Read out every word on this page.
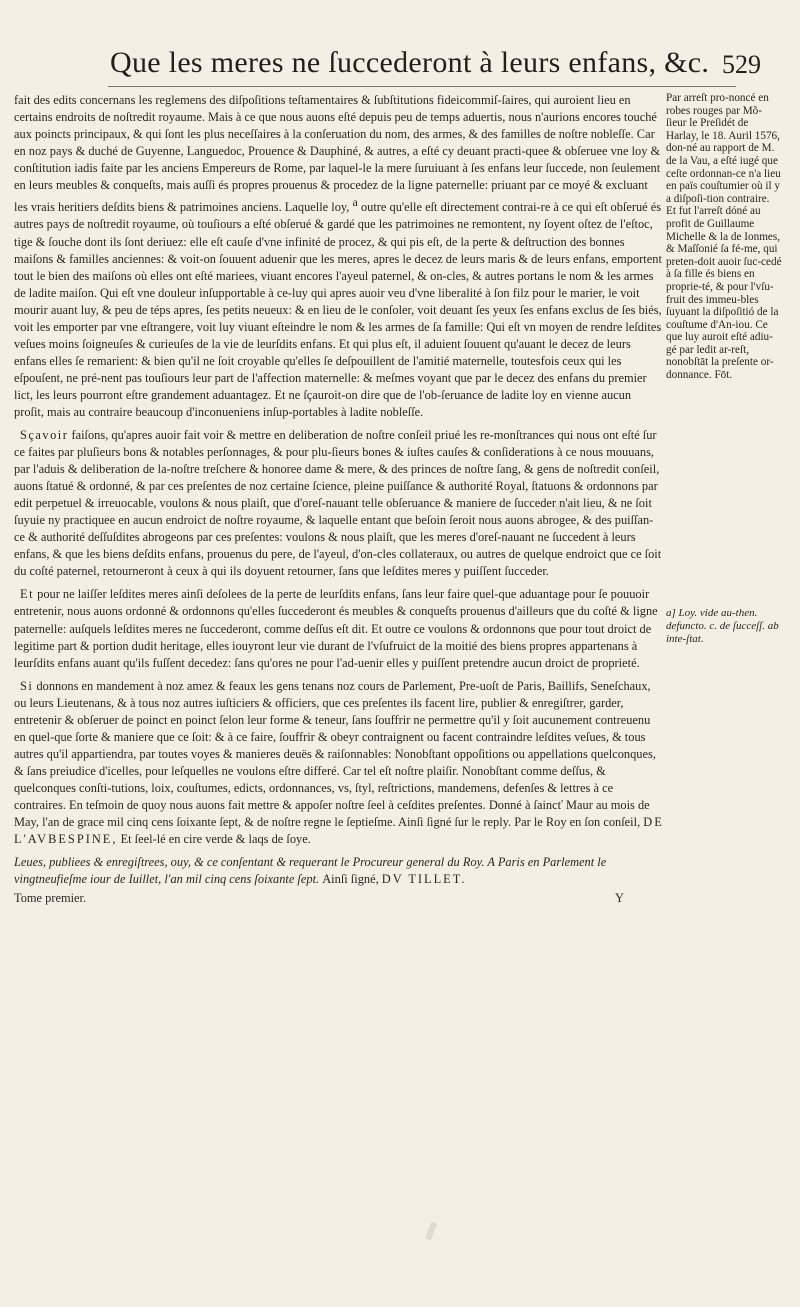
Que les meres ne ſuccederont à leurs enfans, &c. 529

fait des edits concernans les reglemens des diſpoſitions teſtamentaires & ſubſtitutions fideicommiſ-ſaires, qui auroient lieu en certains endroits de noſtredit royaume. Mais à ce que nous auons eſté depuis peu de temps aduertis, nous n'aurions encores touché aux poincts principaux, & qui ſont les plus neceſſaires à la conſeruation du nom, des armes, & des familles de noſtre nobleſſe. Car en noz pays & duché de Guyenne, Languedoc, Prouence & Dauphiné, & autres, a eſté cy deuant practi-quee & obſeruee vne loy & conſtitution iadis faite par les anciens Empereurs de Rome, par laquel-le la mere ſuruiuant à ſes enfans leur ſuccede, non ſeulement en leurs meubles & conqueſts, mais auſſi és propres prouenus & procedez de la ligne paternelle: priuant par ce moyé & excluant les vrais heritiers deſdits biens & patrimoines anciens. Laquelle loy, $^a$ outre qu'elle eſt directement contrai-re à ce qui eſt obſerué és autres pays de noſtredit royaume, où touſiours a eſté obſerué & gardé que les patrimoines ne remontent, ny ſoyent oſtez de l'eſtoc, tige & ſouche dont ils ſont deriuez: elle eſt cauſe d'vne infinité de procez, & qui pis eſt, de la perte & deſtruction des bonnes maiſons & familles anciennes: & voit-on ſouuent aduenir que les meres, apres le decez de leurs maris & de leurs enfans, emportent tout le bien des maiſons où elles ont eſté mariees, viuant encores l'ayeul paternel, & on-cles, & autres portans le nom & les armes de ladite maiſon. Qui eſt vne douleur inſupportable à ce-luy qui apres auoir veu d'vne liberalité à ſon filz pour le marier, le voit mourir auant luy, & peu de téps apres, ſes petits neueux: & en lieu de le conſoler, voit deuant ſes yeux ſes enfans exclus de ſes biés, voit les emporter par vne eſtrangere, voit luy viuant eſteindre le nom & les armes de ſa famille: Qui eſt vn moyen de rendre leſdites veſues moins ſoigneuſes & curieuſes de la vie de leurſdits enfans. Et qui plus eſt, il aduient ſouuent qu'auant le decez de leurs enfans elles ſe remarient: & bien qu'il ne ſoit croyable qu'elles ſe deſpouillent de l'amitié maternelle, toutesfois ceux qui les eſpouſent, ne pré-nent pas touſiours leur part de l'affection maternelle: & meſmes voyant que par le decez des enfans du premier lict, les leurs pourront eſtre grandement aduantagez. Et ne ſçauroit-on dire que de l'ob-ſeruance de ladite loy en vienne aucun proſit, mais au contraire beaucoup d'inconueniens inſup-portables à ladite nobleſſe.

Sçavoir faiſons, qu'apres auoir fait voir & mettre en deliberation de noſtre conſeil priué les re-monſtrances qui nous ont eſté ſur ce faites par pluſieurs bons & notables perſonnages, & pour plu-ſieurs bones & iuſtes cauſes & conſiderations à ce nous mouuans, par l'aduis & deliberation de la-noſtre treſchere & honoree dame & mere, & des princes de noſtre ſang, & gens de noſtredit conſeil, auons ſtatué & ordonné, & par ces preſentes de noz certaine ſcience, pleine puiſſance & authorité Royal, ſtatuons & ordonnons par edit perpetuel & irreuocable, voulons & nous plaiſt, que d'oreſ-nauant telle obſeruance & maniere de ſucceder n'ait lieu, & ne ſoit ſuyuie ny practiquee en aucun endroict de noſtre royaume, & laquelle entant que beſoin ſeroit nous auons abrogee, & des puiſſan-ce & authorité deſſuſdites abrogeons par ces preſentes: voulons & nous plaiſt, que les meres d'oreſ-nauant ne ſuccedent à leurs enfans, & que les biens deſdits enfans, prouenus du pere, de l'ayeul, d'on-cles collateraux, ou autres de quelque endroict que ce ſoit du coſté paternel, retourneront à ceux à qui ils doyuent retourner, ſans que leſdites meres y puiſſent ſucceder.

Et pour ne laiſſer leſdites meres ainſi deſolees de la perte de leurſdits enfans, ſans leur faire quel-que aduantage pour ſe pouuoir entretenir, nous auons ordonné & ordonnons qu'elles ſuccederont és meubles & conqueſts prouenus d'ailleurs que du coſté & ligne paternelle: auſquels leſdites meres ne ſuccederont, comme deſſus eſt dit. Et outre ce voulons & ordonnons que pour tout droict de legitime part & portion dudit heritage, elles iouyront leur vie durant de l'vſufruict de la moitié des biens propres appartenans à leurſdits enfans auant qu'ils fuſſent decedez: ſans qu'ores ne pour l'ad-uenir elles y puiſſent pretendre aucun droict de proprieté.

Si donnons en mandement à noz amez & feaux les gens tenans noz cours de Parlement, Pre-uoſt de Paris, Baillifs, Seneſchaux, ou leurs Lieutenans, & à tous noz autres iuſticiers & officiers, que ces preſentes ils facent lire, publier & enregiſtrer, garder, entretenir & obſeruer de poinct en poinct ſelon leur forme & teneur, ſans ſouffrir ne permettre qu'il y ſoit aucunement contreuenu en quel-que ſorte & maniere que ce ſoit: & à ce faire, ſouffrir & obeyr contraignent ou facent contraindre leſdites veſues, & tous autres qu'il appartiendra, par toutes voyes & manieres deuës & raiſonnables: Nonobſtant oppoſitions ou appellations quelconques, & ſans preiudice d'icelles, pour leſquelles ne voulons eſtre differé. Car tel eſt noſtre plaiſir. Nonobſtant comme deſſus, & quelconques conſti-tutions, loix, couſtumes, edicts, ordonnances, vs, ſtyl, reſtrictions, mandemens, defenſes & lettres à ce contraires. En teſmoin de quoy nous auons fait mettre & appoſer noſtre ſeel à ceſdites preſentes. Donné à ſaincť Maur au mois de May, l'an de grace mil cinq cens ſoixante ſept, & de noſtre regne le ſeptieſme. Ainſi ſigné ſur le reply. Par le Roy en ſon conſeil, DE L'AVBESPINE, Et ſeel-lé en cire verde & laqs de ſoye.

Leues, publiees & enregiſtrees, ouy, & ce conſentant & requerant le Procureur general du Roy. A Paris en Parlement le vingtneufieſme iour de Iuillet, l'an mil cinq cens ſoixante ſept. Ainſi ſigné, DV TILLET.

Tome premier.	Y

Par arreſt pro-noncé en robes rouges par Mõ-ſieur le Preſidét de Harlay, le 18. Auril 1576, don-né au rapport de M. de la Vau, a eſté iugé que ceſte ordonnan-ce n'a lieu en païs couſtumier où il y a diſpoſi-tion contraire. Et fut l'arreſt dóné au profit de Guillaume Michelle & la de Ionmes, & Maſſonié ſa fé-me, qui preten-doit auoir ſuc-cedé à ſa fille és biens en proprie-té, & pour l'vſu-fruit des immeu-bles ſuyuant la diſpoſitió de la couſtume d'An-iou. Ce que luy auroit eſté adiu-gé par ledit ar-reſt, nonobſtāt la preſente or-donnance. Fōt.

a] Loy. vide au-then. defuncto. c. de ſucceſſ. ab inte-ſtat.
